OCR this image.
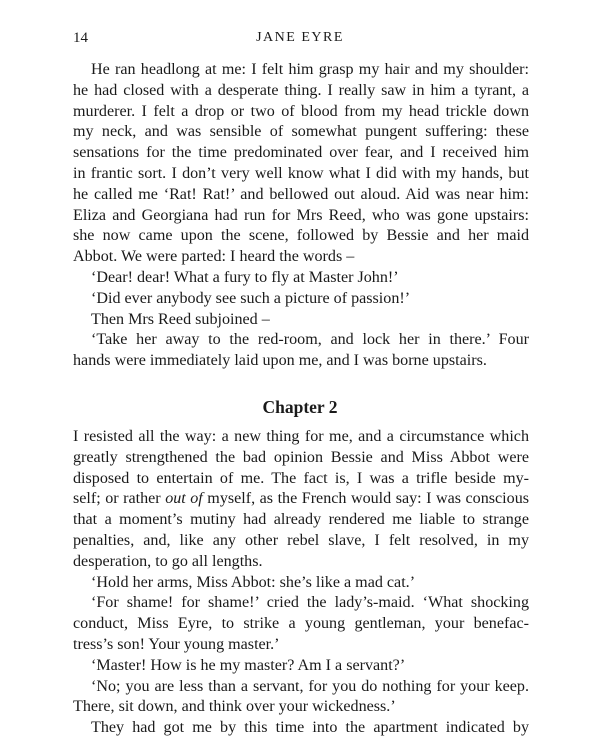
JANE EYRE
14
He ran headlong at me: I felt him grasp my hair and my shoulder:
he had closed with a desperate thing. I really saw in him a tyrant, a
murderer. I felt a drop or two of blood from my head trickle down
my neck, and was sensible of somewhat pungent suffering: these
sensations for the time predominated over fear, and I received him
in frantic sort. I don’t very well know what I did with my hands, but
he called me ‘Rat! Rat!’ and bellowed out aloud. Aid was near him:
Eliza and Georgiana had run for Mrs Reed, who was gone upstairs:
she now came upon the scene, followed by Bessie and her maid
Abbot. We were parted: I heard the words –
‘Dear! dear! What a fury to fly at Master John!’
‘Did ever anybody see such a picture of passion!’
Then Mrs Reed subjoined –
‘Take her away to the red-room, and lock her in there.’ Four
hands were immediately laid upon me, and I was borne upstairs.
Chapter 2
I resisted all the way: a new thing for me, and a circumstance which
greatly strengthened the bad opinion Bessie and Miss Abbot were
disposed to entertain of me. The fact is, I was a trifle beside my-
self; or rather out of myself, as the French would say: I was conscious
that a moment’s mutiny had already rendered me liable to strange
penalties, and, like any other rebel slave, I felt resolved, in my
desperation, to go all lengths.
‘Hold her arms, Miss Abbot: she’s like a mad cat.’
‘For shame! for shame!’ cried the lady’s-maid. ‘What shocking
conduct, Miss Eyre, to strike a young gentleman, your benefac-
tress’s son! Your young master.’
‘Master! How is he my master? Am I a servant?’
‘No; you are less than a servant, for you do nothing for your keep.
There, sit down, and think over your wickedness.’
They had got me by this time into the apartment indicated by
